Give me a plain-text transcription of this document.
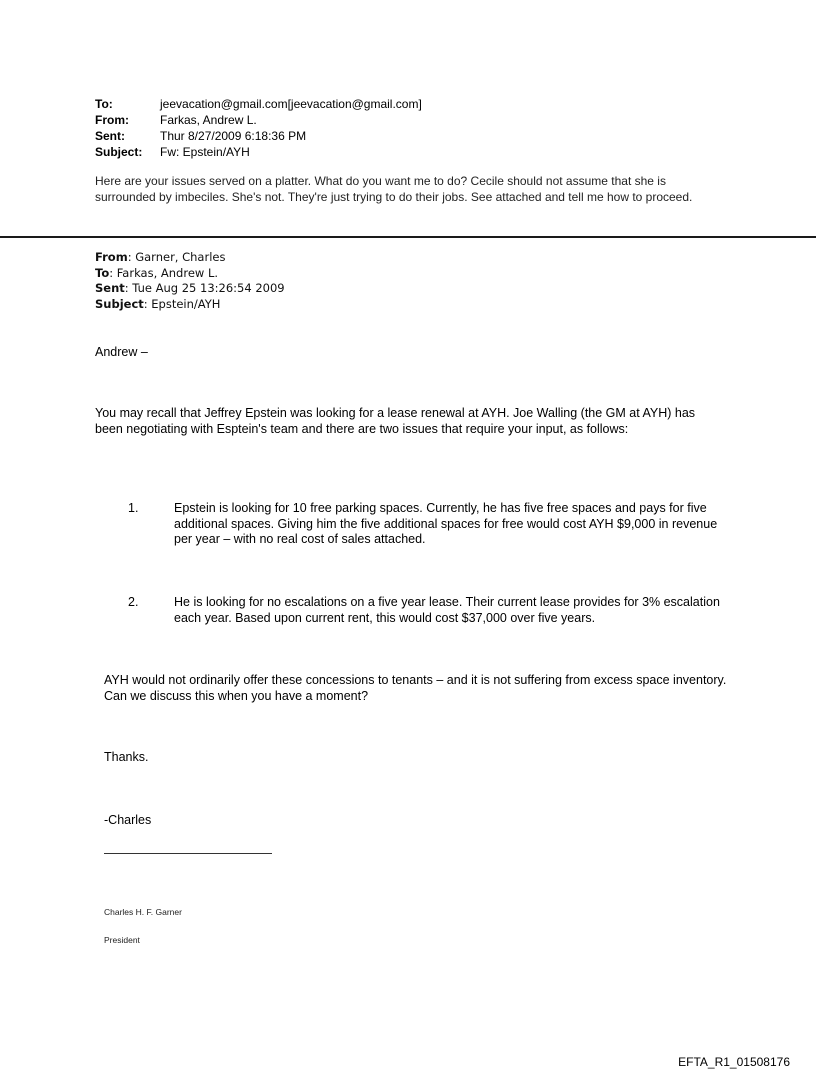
To:	jeevacation@gmail.com[jeevacation@gmail.com]
From:	Farkas, Andrew L.
Sent:	Thur 8/27/2009 6:18:36 PM
Subject:	Fw: Epstein/AYH
Here are your issues served on a platter. What do you want me to do? Cecile should not assume that she is surrounded by imbeciles. She's not. They're just trying to do their jobs. See attached and tell me how to proceed.
From: Garner, Charles
To: Farkas, Andrew L.
Sent: Tue Aug 25 13:26:54 2009
Subject: Epstein/AYH
Andrew –
You may recall that Jeffrey Epstein was looking for a lease renewal at AYH. Joe Walling (the GM at AYH) has been negotiating with Esptein's team and there are two issues that require your input, as follows:
1.	Epstein is looking for 10 free parking spaces. Currently, he has five free spaces and pays for five additional spaces. Giving him the five additional spaces for free would cost AYH $9,000 in revenue per year – with no real cost of sales attached.
2.	He is looking for no escalations on a five year lease. Their current lease provides for 3% escalation each year. Based upon current rent, this would cost $37,000 over five years.
AYH would not ordinarily offer these concessions to tenants – and it is not suffering from excess space inventory. Can we discuss this when you have a moment?
Thanks.
-Charles
Charles H. F. Garner
President
EFTA_R1_01508176
